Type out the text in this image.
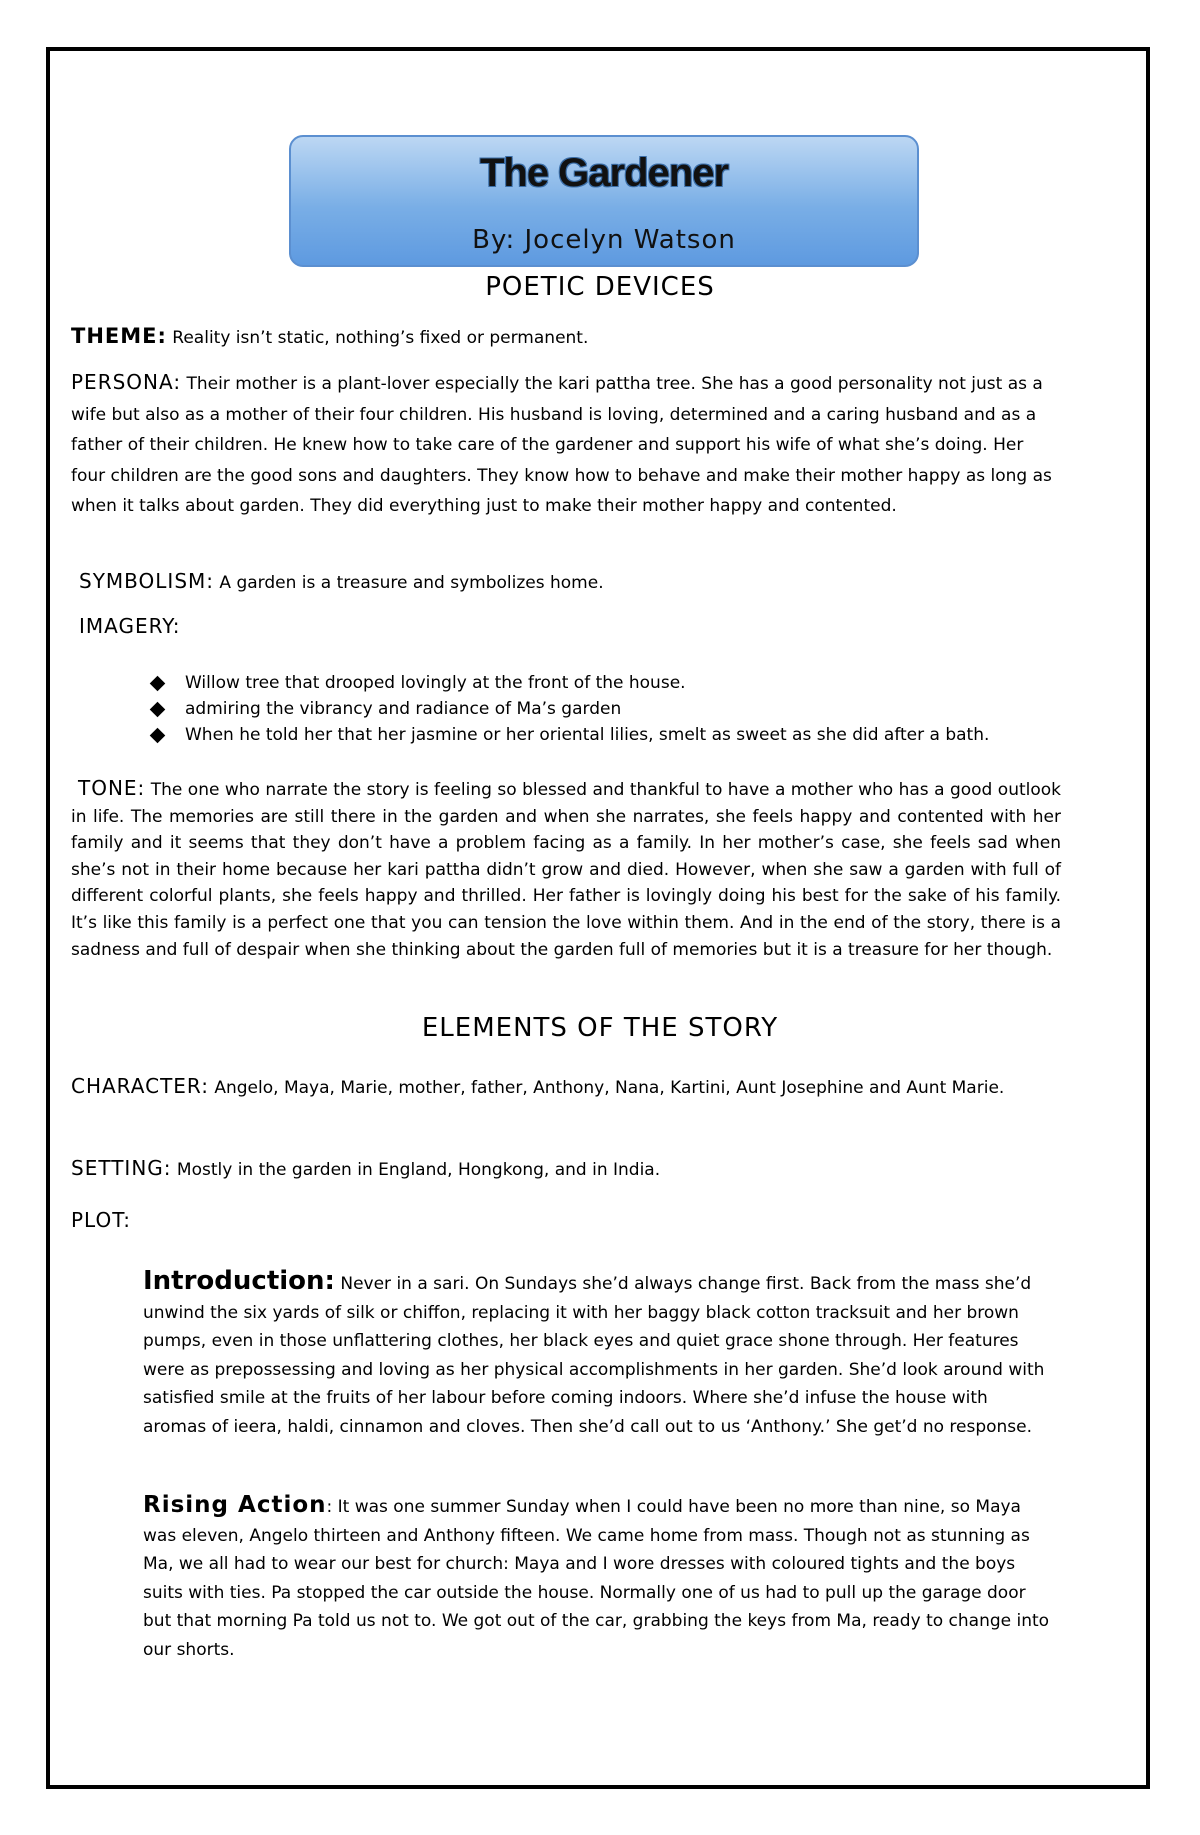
The Gardener
By: Jocelyn Watson
POETIC DEVICES
THEME: Reality isn’t static, nothing’s fixed or permanent.
PERSONA: Their mother is a plant-lover especially the kari pattha tree. She has a good personality not just as a wife but also as a mother of their four children. His husband is loving, determined and a caring husband and as a father of their children. He knew how to take care of the gardener and support his wife of what she’s doing. Her four children are the good sons and daughters. They know how to behave and make their mother happy as long as when it talks about garden. They did everything just to make their mother happy and contented.
SYMBOLISM: A garden is a treasure and symbolizes home.
IMAGERY:
Willow tree that drooped lovingly at the front of the house.
admiring the vibrancy and radiance of Ma’s garden
When he told her that her jasmine or her oriental lilies, smelt as sweet as she did after a bath.
TONE: The one who narrate the story is feeling so blessed and thankful to have a mother who has a good outlook in life. The memories are still there in the garden and when she narrates, she feels happy and contented with her family and it seems that they don’t have a problem facing as a family. In her mother’s case, she feels sad when she’s not in their home because her kari pattha didn’t grow and died. However, when she saw a garden with full of different colorful plants, she feels happy and thrilled. Her father is lovingly doing his best for the sake of his family. It’s like this family is a perfect one that you can tension the love within them. And in the end of the story, there is a sadness and full of despair when she thinking about the garden full of memories but it is a treasure for her though.
ELEMENTS OF THE STORY
CHARACTER: Angelo, Maya, Marie, mother, father, Anthony, Nana, Kartini, Aunt Josephine and Aunt Marie.
SETTING: Mostly in the garden in England, Hongkong, and in India.
PLOT:
Introduction: Never in a sari. On Sundays she’d always change first. Back from the mass she’d unwind the six yards of silk or chiffon, replacing it with her baggy black cotton tracksuit and her brown pumps, even in those unflattering clothes, her black eyes and quiet grace shone through. Her features were as prepossessing and loving as her physical accomplishments in her garden. She’d look around with satisfied smile at the fruits of her labour before coming indoors. Where she’d infuse the house with aromas of ieera, haldi, cinnamon and cloves. Then she’d call out to us ‘Anthony.’ She get’d no response.
Rising Action: It was one summer Sunday when I could have been no more than nine, so Maya was eleven, Angelo thirteen and Anthony fifteen. We came home from mass. Though not as stunning as Ma, we all had to wear our best for church: Maya and I wore dresses with coloured tights and the boys suits with ties. Pa stopped the car outside the house. Normally one of us had to pull up the garage door but that morning Pa told us not to. We got out of the car, grabbing the keys from Ma, ready to change into our shorts.
